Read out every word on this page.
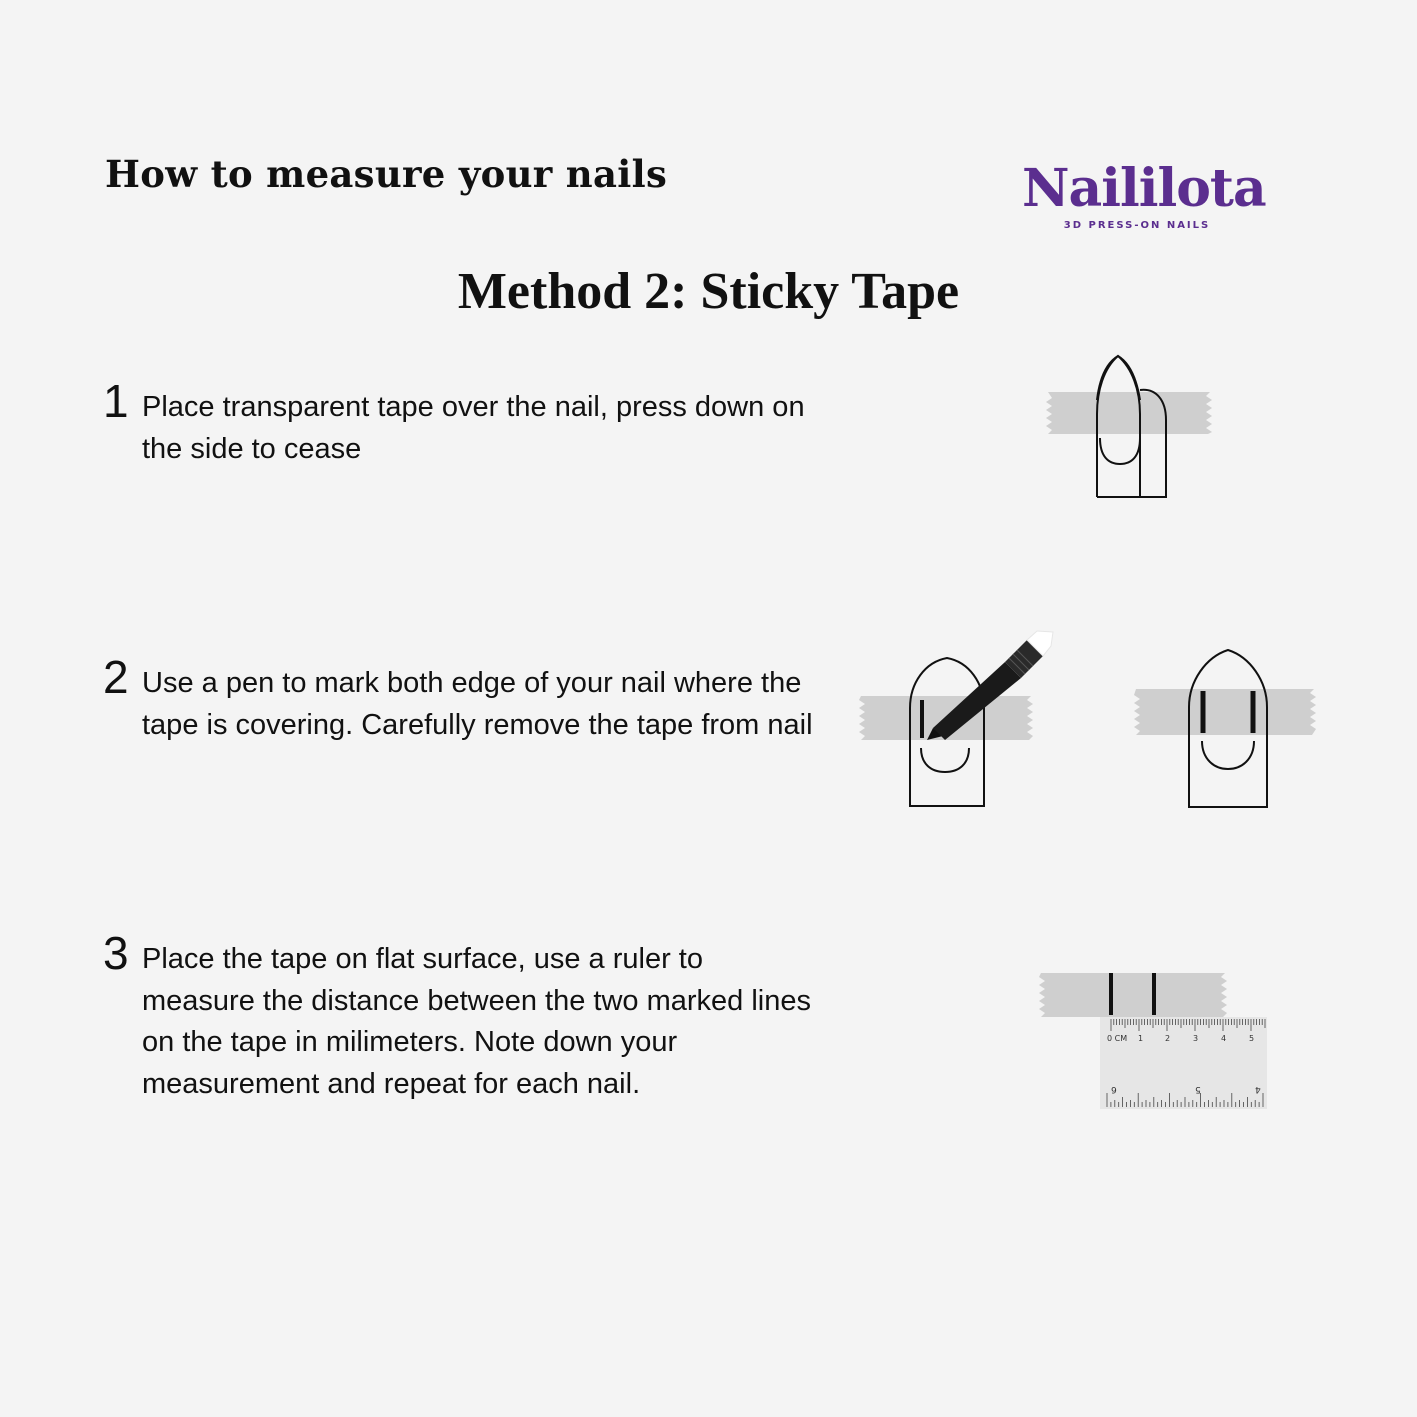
How to measure your nails	Naililota
3D PRESS-ON NAILS
Method 2: Sticky Tape
1 Place transparent tape over the nail, press down on the side to cease

2 Use a pen to mark both edge of your nail where the tape is covering. Carefully remove the tape from nail

3 Place the tape on flat surface, use a ruler to measure the distance between the two marked lines on the tape in milimeters. Note down your measurement and repeat for each nail.

0 CM 1	2	3	4	5
6	5	4
